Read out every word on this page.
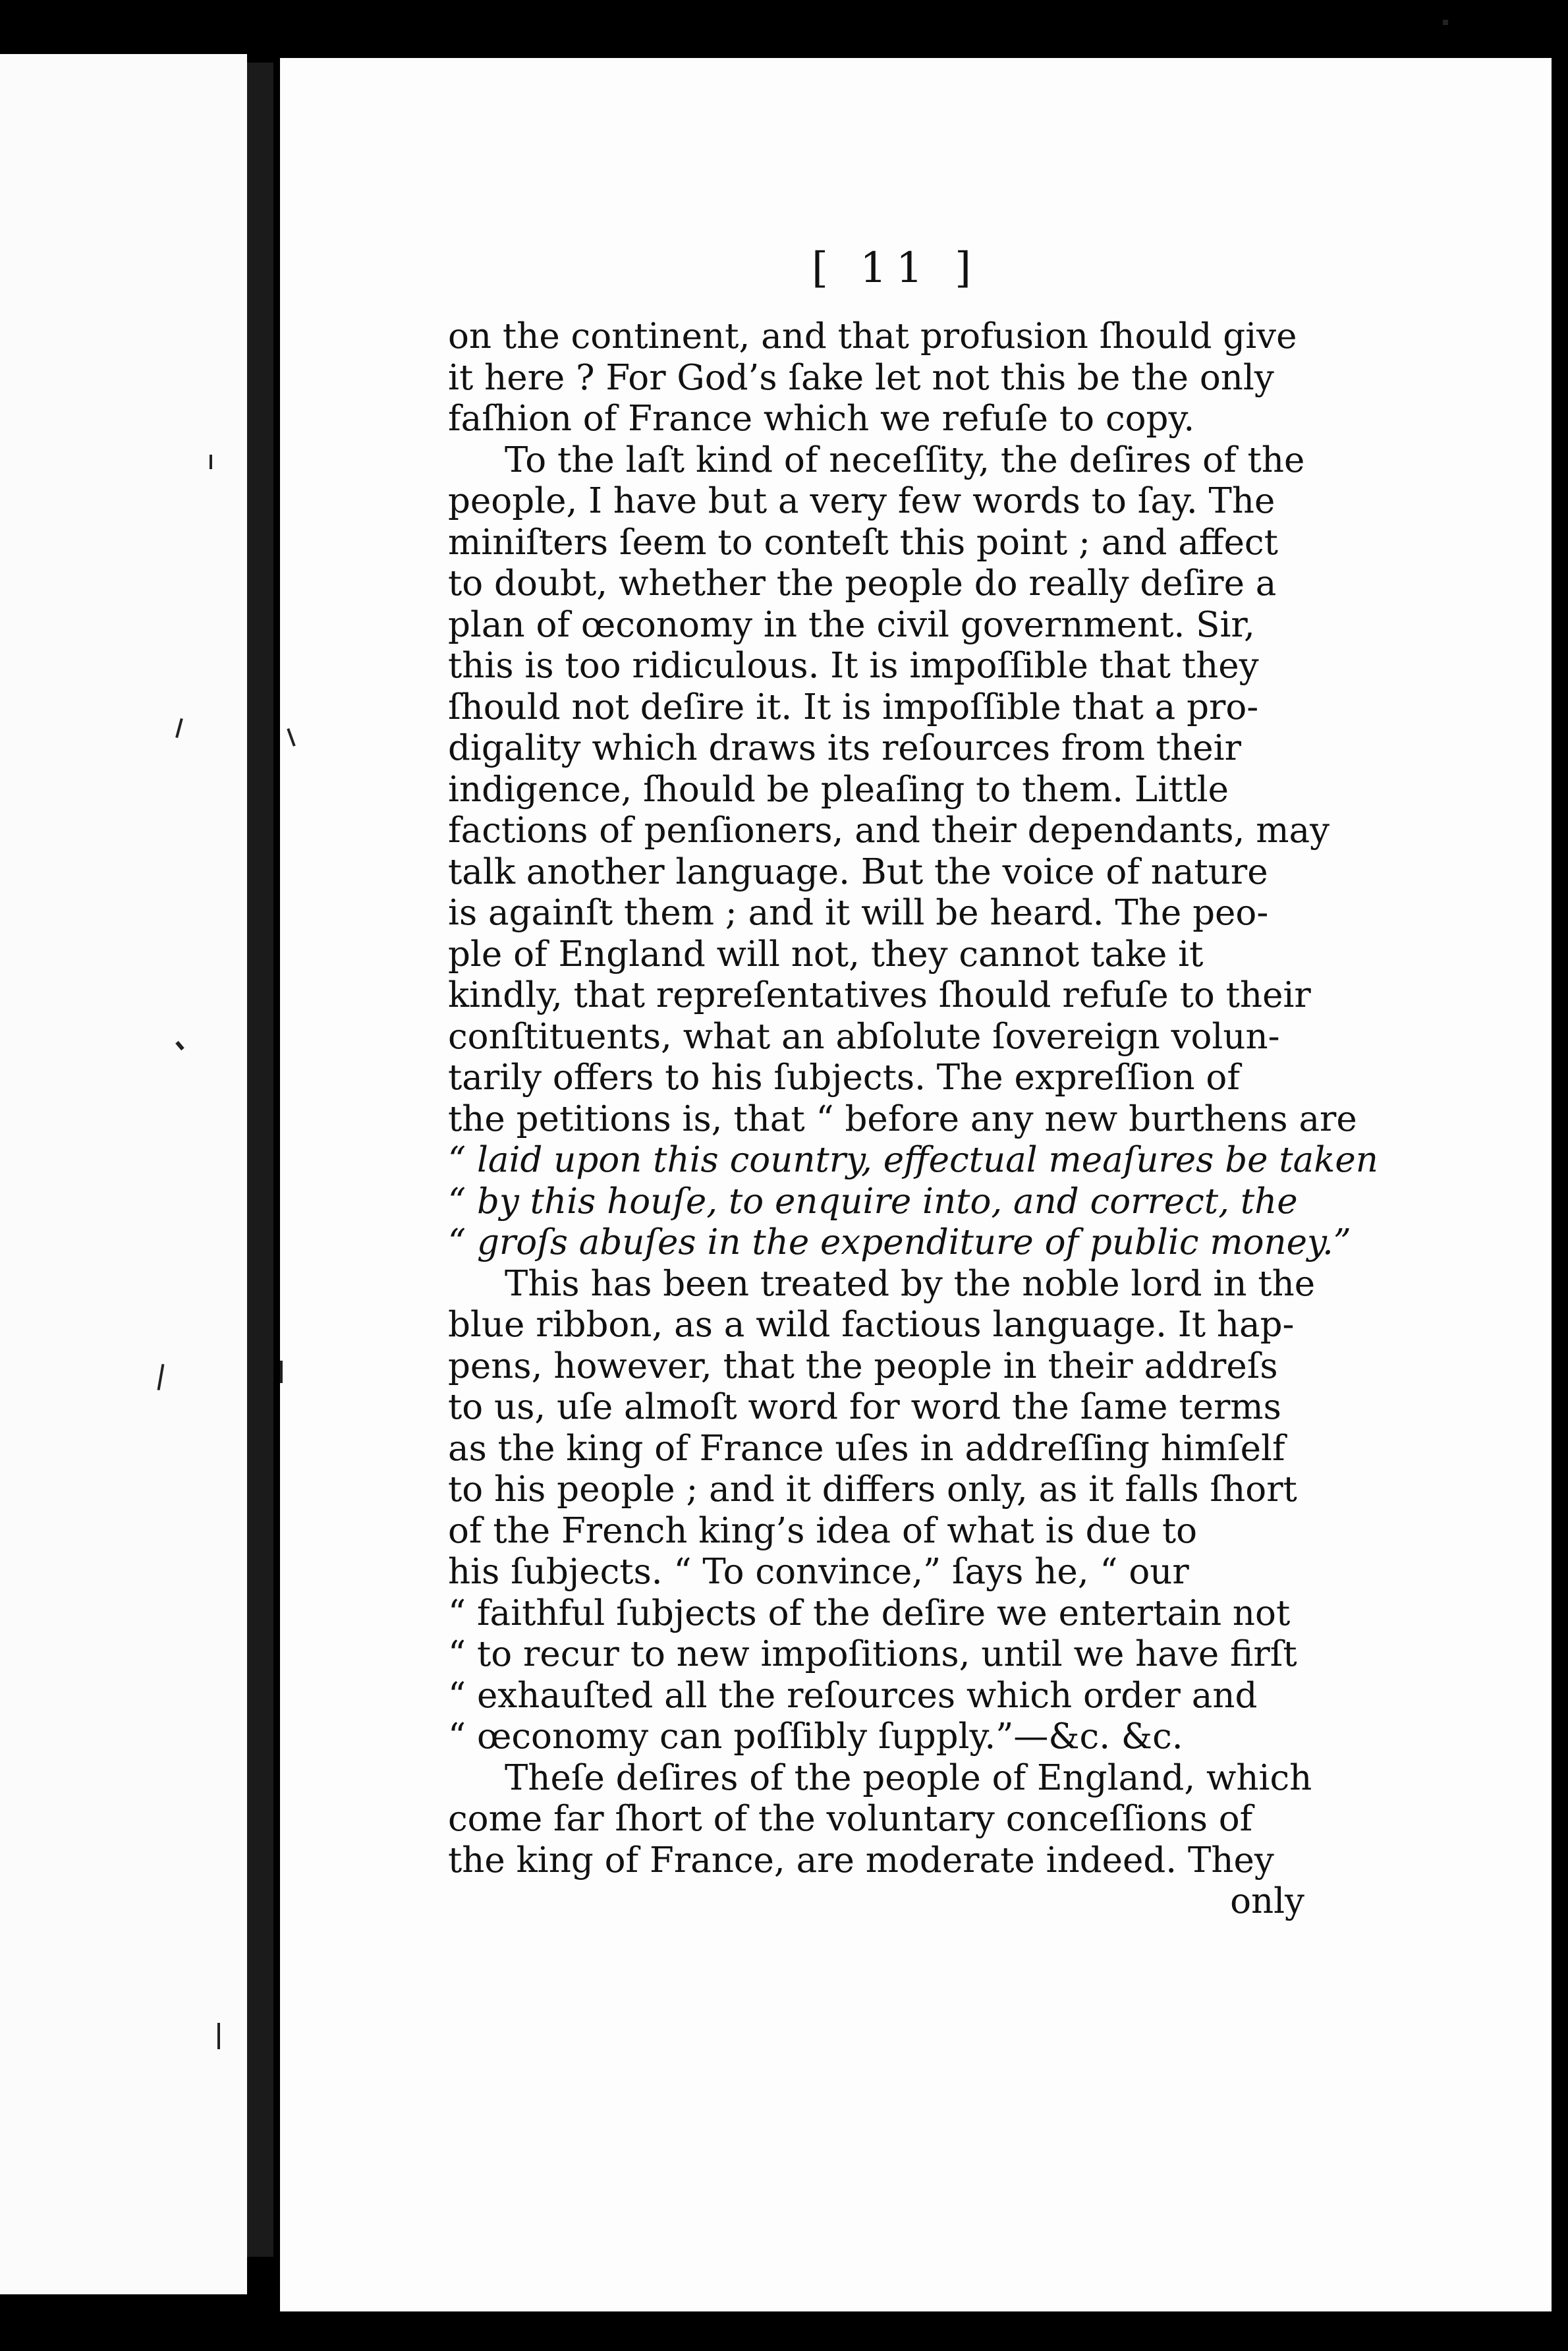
[ 11 ]
on the continent, and that profusion ſhould give
it here ? For God’s ſake let not this be the only
faſhion of France which we refuſe to copy.
To the laſt kind of neceſſity, the deſires of the
people, I have but a very few words to ſay. The
miniſters ſeem to conteſt this point ; and affect
to doubt, whether the people do really deſire a
plan of œconomy in the civil government. Sir,
this is too ridiculous. It is impoſſible that they
ſhould not deſire it. It is impoſſible that a pro-
digality which draws its reſources from their
indigence, ſhould be pleaſing to them. Little
factions of penſioners, and their dependants, may
talk another language. But the voice of nature
is againſt them ; and it will be heard. The peo-
ple of England will not, they cannot take it
kindly, that repreſentatives ſhould refuſe to their
conſtituents, what an abſolute ſovereign volun-
tarily offers to his ſubjects. The expreſſion of
the petitions is, that “ before any new burthens are
“ laid upon this country, effectual meaſures be taken
“ by this houſe, to enquire into, and correct, the
“ groſs abuſes in the expenditure of public money.”
This has been treated by the noble lord in the
blue ribbon, as a wild factious language. It hap-
pens, however, that the people in their addreſs
to us, uſe almoſt word for word the ſame terms
as the king of France uſes in addreſſing himſelf
to his people ; and it differs only, as it falls ſhort
of the French king’s idea of what is due to
his ſubjects. “ To convince,” ſays he, “ our
“ faithful ſubjects of the deſire we entertain not
“ to recur to new impoſitions, until we have firſt
“ exhauſted all the reſources which order and
“ œconomy can poſſibly ſupply.”—&c. &c.
Theſe deſires of the people of England, which
come far ſhort of the voluntary conceſſions of
the king of France, are moderate indeed. They
only
